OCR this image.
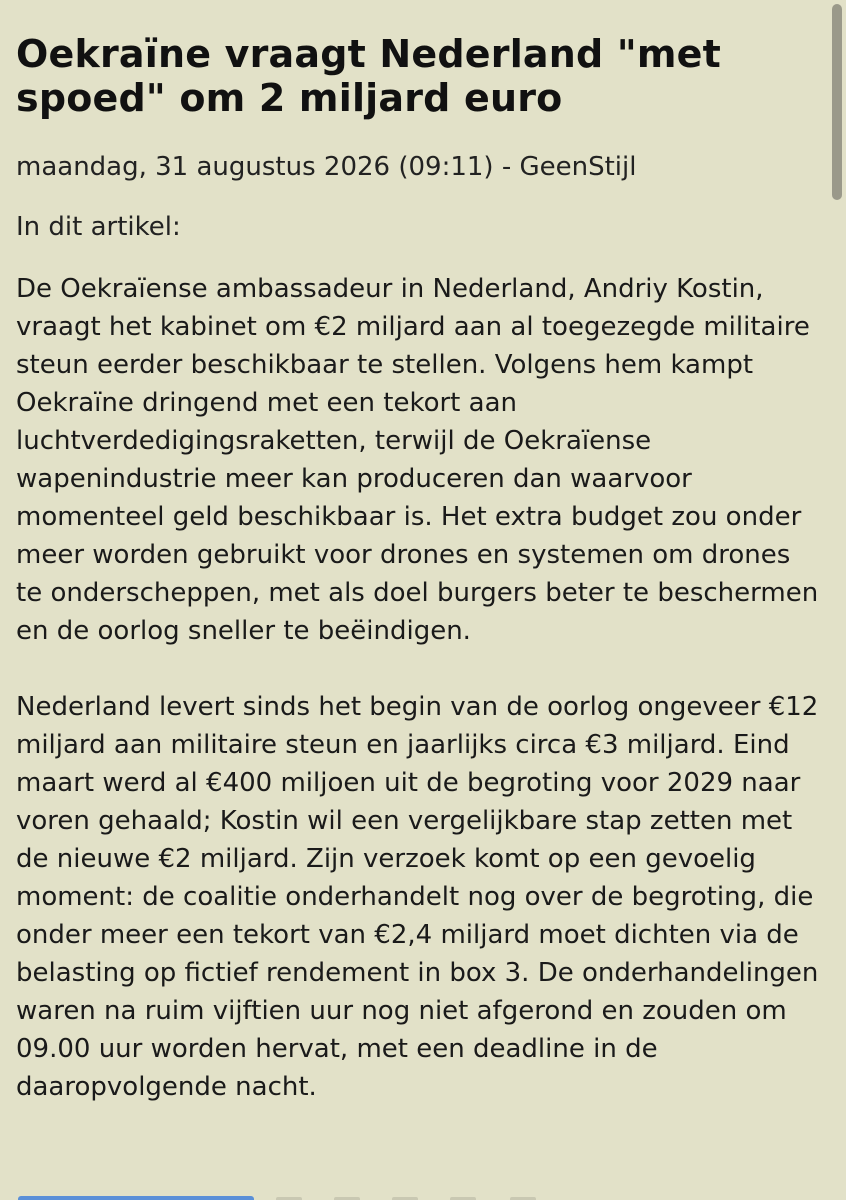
Oekraïne vraagt Nederland "met spoed" om 2 miljard euro
maandag, 31 augustus 2026 (09:11) - GeenStijl
In dit artikel:

De Oekraïense ambassadeur in Nederland, Andriy Kostin, vraagt het kabinet om €2 miljard aan al toegezegde militaire steun eerder beschikbaar te stellen. Volgens hem kampt Oekraïne dringend met een tekort aan luchtverdedigingsraketten, terwijl de Oekraïense wapenindustrie meer kan produceren dan waarvoor momenteel geld beschikbaar is. Het extra budget zou onder meer worden gebruikt voor drones en systemen om drones te onderscheppen, met als doel burgers beter te beschermen en de oorlog sneller te beëindigen.

Nederland levert sinds het begin van de oorlog ongeveer €12 miljard aan militaire steun en jaarlijks circa €3 miljard. Eind maart werd al €400 miljoen uit de begroting voor 2029 naar voren gehaald; Kostin wil een vergelijkbare stap zetten met de nieuwe €2 miljard. Zijn verzoek komt op een gevoelig moment: de coalitie onderhandelt nog over de begroting, die onder meer een tekort van €2,4 miljard moet dichten via de belasting op fictief rendement in box 3. De onderhandelingen waren na ruim vijftien uur nog niet afgerond en zouden om 09.00 uur worden hervat, met een deadline in de daaropvolgende nacht.
